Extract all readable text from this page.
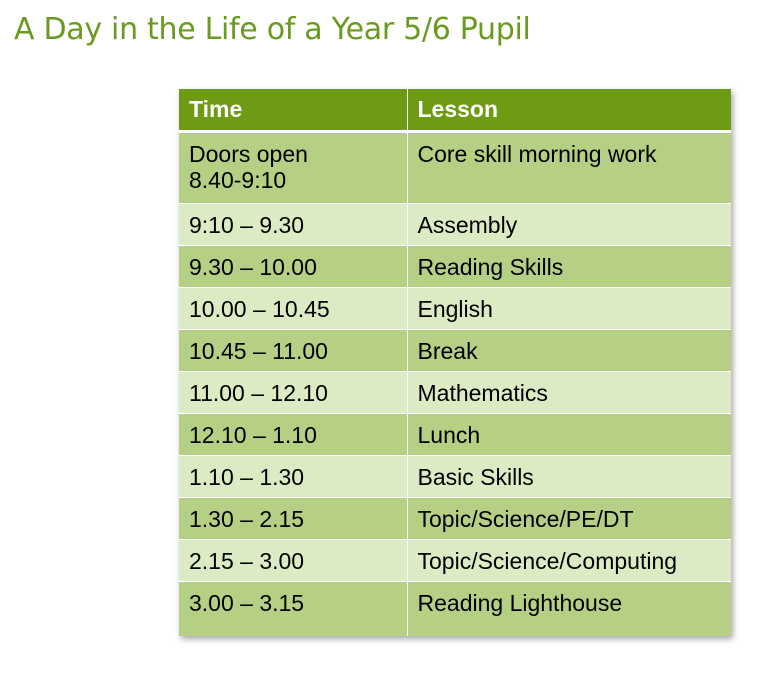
A Day in the Life of a Year 5/6 Pupil
Time	Lesson
Doors open
8.40-9:10	Core skill morning work
9:10 – 9.30	Assembly
9.30 – 10.00	Reading Skills
10.00 – 10.45	English
10.45 – 11.00	Break
11.00 – 12.10	Mathematics
12.10 – 1.10	Lunch
1.10 – 1.30	Basic Skills
1.30 – 2.15	Topic/Science/PE/DT
2.15 – 3.00	Topic/Science/Computing
3.00 – 3.15	Reading Lighthouse
